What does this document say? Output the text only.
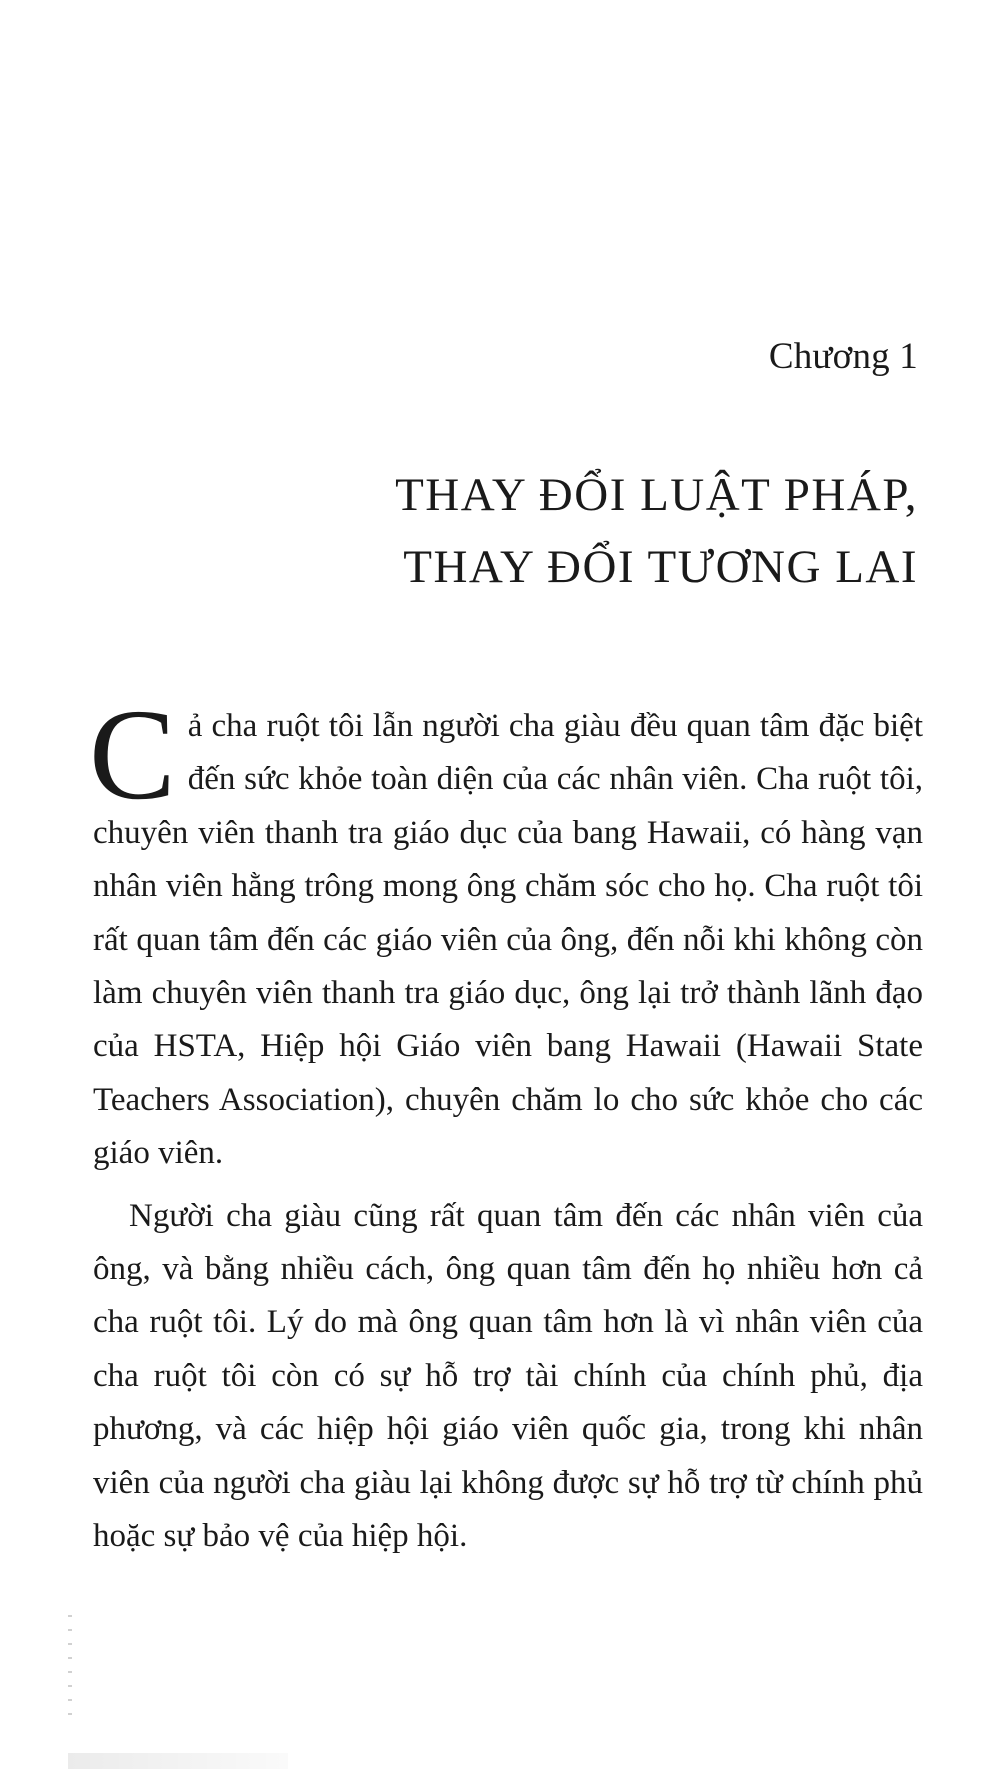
Chương 1
THAY ĐỔI LUẬT PHÁP,
THAY ĐỔI TƯƠNG LAI

Cả cha ruột tôi lẫn người cha giàu đều quan tâm đặc biệt đến sức khỏe toàn diện của các nhân viên. Cha ruột tôi, chuyên viên thanh tra giáo dục của bang Hawaii, có hàng vạn nhân viên hằng trông mong ông chăm sóc cho họ. Cha ruột tôi rất quan tâm đến các giáo viên của ông, đến nỗi khi không còn làm chuyên viên thanh tra giáo dục, ông lại trở thành lãnh đạo của HSTA, Hiệp hội Giáo viên bang Hawaii (Hawaii State Teachers Association), chuyên chăm lo cho sức khỏe cho các giáo viên.

Người cha giàu cũng rất quan tâm đến các nhân viên của ông, và bằng nhiều cách, ông quan tâm đến họ nhiều hơn cả cha ruột tôi. Lý do mà ông quan tâm hơn là vì nhân viên của cha ruột tôi còn có sự hỗ trợ tài chính của chính phủ, địa phương, và các hiệp hội giáo viên quốc gia, trong khi nhân viên của người cha giàu lại không được sự hỗ trợ từ chính phủ hoặc sự bảo vệ của hiệp hội.
